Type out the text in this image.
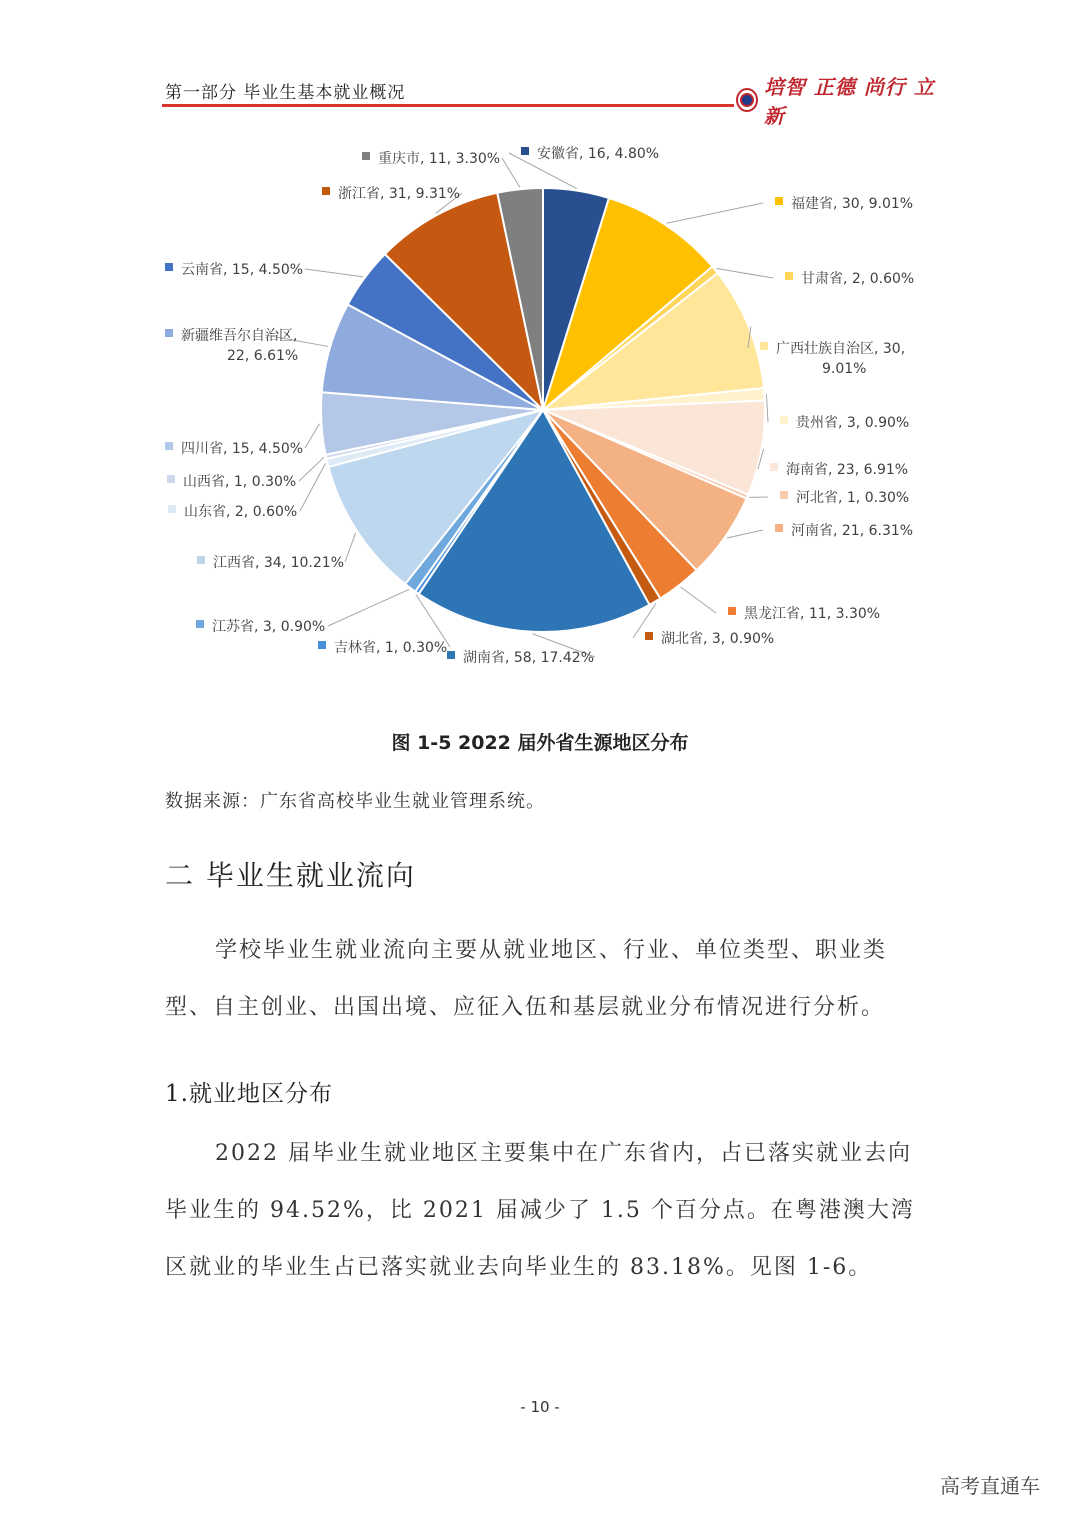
第一部分 毕业生基本就业概况	培智 正德 尚行 立新
安徽省, 16, 4.80%
福建省, 30, 9.01%
甘肃省, 2, 0.60%
广西壮族自治区, 30,
9.01%
贵州省, 3, 0.90%
海南省, 23, 6.91%
河北省, 1, 0.30%
河南省, 21, 6.31%
黑龙江省, 11, 3.30%
湖北省, 3, 0.90%
湖南省, 58, 17.42%
吉林省, 1, 0.30%
江苏省, 3, 0.90%
江西省, 34, 10.21%
山东省, 2, 0.60%
山西省, 1, 0.30%
四川省, 15, 4.50%
新疆维吾尔自治区,
22, 6.61%
云南省, 15, 4.50%
浙江省, 31, 9.31%
重庆市, 11, 3.30%
图 1-5 2022 届外省生源地区分布
数据来源：广东省高校毕业生就业管理系统。
二 毕业生就业流向

学校毕业生就业流向主要从就业地区、行业、单位类型、职业类型、自主创业、出国出境、应征入伍和基层就业分布情况进行分析。

1.就业地区分布

2022 届毕业生就业地区主要集中在广东省内，占已落实就业去向毕业生的 94.52%，比 2021 届减少了 1.5 个百分点。在粤港澳大湾区就业的毕业生占已落实就业去向毕业生的 83.18%。见图 1-6。

- 10 -
高考直通车
